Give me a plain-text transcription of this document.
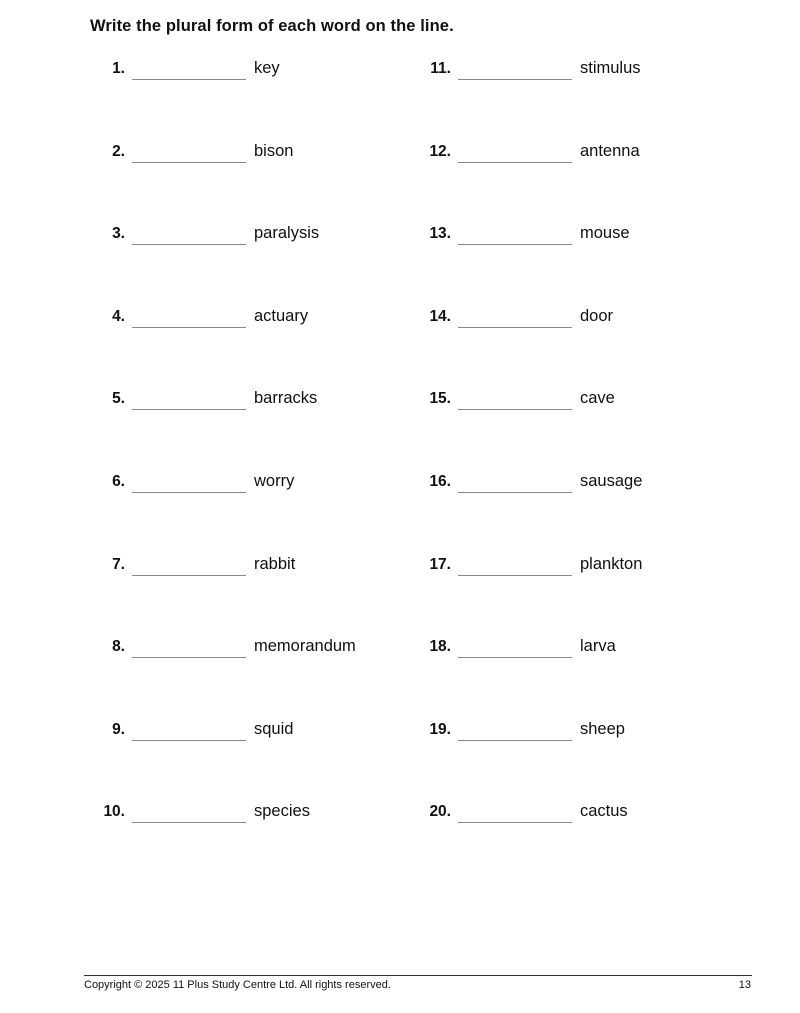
Write the plural form of each word on the line.
1.	key
2.	bison
3.	paralysis
4.	actuary
5.	barracks
6.	worry
7.	rabbit
8.	memorandum
9.	squid
10.	species
11.	stimulus
12.	antenna
13.	mouse
14.	door
15.	cave
16.	sausage
17.	plankton
18.	larva
19.	sheep
20.	cactus
Copyright © 2025 11 Plus Study Centre Ltd. All rights reserved.	13
